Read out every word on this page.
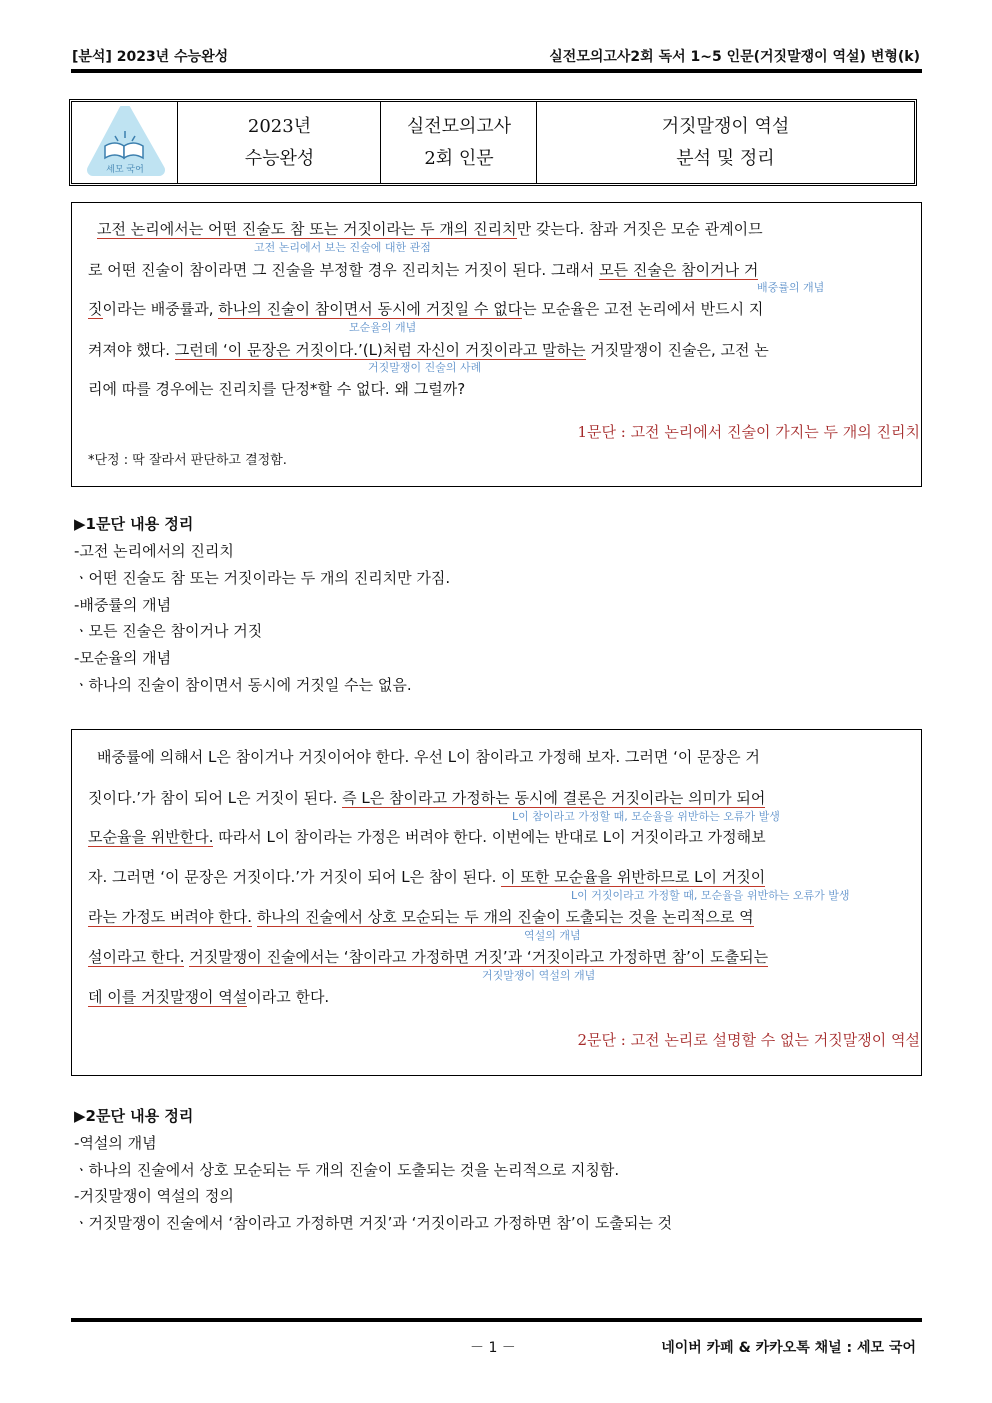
[분석] 2023년 수능완성	실전모의고사2회 독서 1~5 인문(거짓말쟁이 역설) 변형(k)
세모 국어
2023년
수능완성
실전모의고사
2회 인문
거짓말쟁이 역설
분석 및 정리
고전 논리에서는 어떤 진술도 참 또는 거짓이라는 두 개의 진리치만 갖는다. 참과 거짓은 모순 관계이므
고전 논리에서 보는 진술에 대한 관점
로 어떤 진술이 참이라면 그 진술을 부정할 경우 진리치는 거짓이 된다. 그래서 모든 진술은 참이거나 거
배중률의 개념
짓이라는 배중률과, 하나의 진술이 참이면서 동시에 거짓일 수 없다는 모순율은 고전 논리에서 반드시 지
모순율의 개념
켜져야 했다. 그런데 ‘이 문장은 거짓이다.’(L)처럼 자신이 거짓이라고 말하는 거짓말쟁이 진술은, 고전 논
거짓말쟁이 진술의 사례
리에 따를 경우에는 진리치를 단정*할 수 없다. 왜 그럴까?
1문단 : 고전 논리에서 진술이 가지는 두 개의 진리치
*단정 : 딱 잘라서 판단하고 결정함.
▶1문단 내용 정리
-고전 논리에서의 진리치
ㆍ어떤 진술도 참 또는 거짓이라는 두 개의 진리치만 가짐.
-배중률의 개념
ㆍ모든 진술은 참이거나 거짓
-모순율의 개념
ㆍ하나의 진술이 참이면서 동시에 거짓일 수는 없음.
배중률에 의해서 L은 참이거나 거짓이어야 한다. 우선 L이 참이라고 가정해 보자. 그러면 ‘이 문장은 거
짓이다.’가 참이 되어 L은 거짓이 된다. 즉 L은 참이라고 가정하는 동시에 결론은 거짓이라는 의미가 되어
L이 참이라고 가정할 때, 모순율을 위반하는 오류가 발생
모순율을 위반한다. 따라서 L이 참이라는 가정은 버려야 한다. 이번에는 반대로 L이 거짓이라고 가정해보
자. 그러면 ‘이 문장은 거짓이다.’가 거짓이 되어 L은 참이 된다. 이 또한 모순율을 위반하므로 L이 거짓이
L이 거짓이라고 가정할 때, 모순율을 위반하는 오류가 발생
라는 가정도 버려야 한다. 하나의 진술에서 상호 모순되는 두 개의 진술이 도출되는 것을 논리적으로 역
역설의 개념
설이라고 한다. 거짓말쟁이 진술에서는 ‘참이라고 가정하면 거짓’과 ‘거짓이라고 가정하면 참’이 도출되는
거짓말쟁이 역설의 개념
데 이를 거짓말쟁이 역설이라고 한다.
2문단 : 고전 논리로 설명할 수 없는 거짓말쟁이 역설
▶2문단 내용 정리
-역설의 개념
ㆍ하나의 진술에서 상호 모순되는 두 개의 진술이 도출되는 것을 논리적으로 지칭함.
-거짓말쟁이 역설의 정의
ㆍ거짓말쟁이 진술에서 ‘참이라고 가정하면 거짓’과 ‘거짓이라고 가정하면 참’이 도출되는 것
－ 1 －	네이버 카페 & 카카오톡 채널 : 세모 국어
